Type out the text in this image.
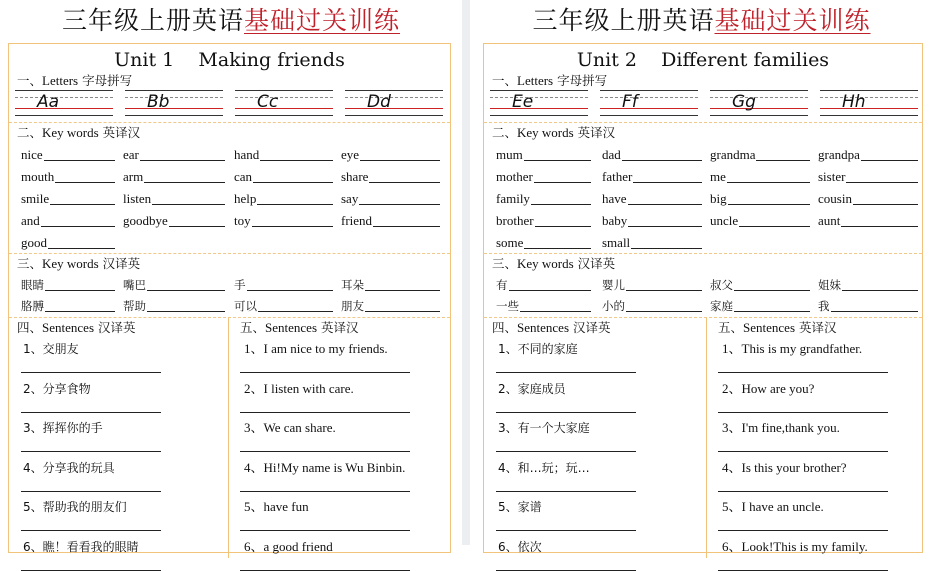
三年级上册英语基础过关训练
Unit 1    Making friends
一、Letters 字母拼写
Aa	Bb	Cc	Dd
二、Key words 英译汉
nice	ear	hand	eye
mouth	arm	can	share
smile	listen	help	say
and	goodbye	toy	friend
good
三、Key words 汉译英
眼睛	嘴巴	手	耳朵
胳膊	帮助	可以	朋友
四、Sentences 汉译英
1、交朋友
2、分享食物
3、挥挥你的手
4、分享我的玩具
5、帮助我的朋友们
6、瞧！看看我的眼睛
五、Sentences 英译汉
1、I am nice to my friends.
2、I listen with care.
3、We can share.
4、Hi!My name is Wu Binbin.
5、have fun
6、a good friend
三年级上册英语基础过关训练
Unit 2    Different families
一、Letters 字母拼写
Ee	Ff	Gg	Hh
二、Key words 英译汉
mum	dad	grandma	grandpa
mother	father	me	sister
family	have	big	cousin
brother	baby	uncle	aunt
some	small
三、Key words 汉译英
有	婴儿	叔父	姐妹
一些	小的	家庭	我
四、Sentences 汉译英
1、不同的家庭
2、家庭成员
3、有一个大家庭
4、和…玩；玩…
5、家谱
6、依次
五、Sentences 英译汉
1、This is my grandfather.
2、How are you?
3、I'm fine,thank you.
4、Is this your brother?
5、I have an uncle.
6、Look!This is my family.
